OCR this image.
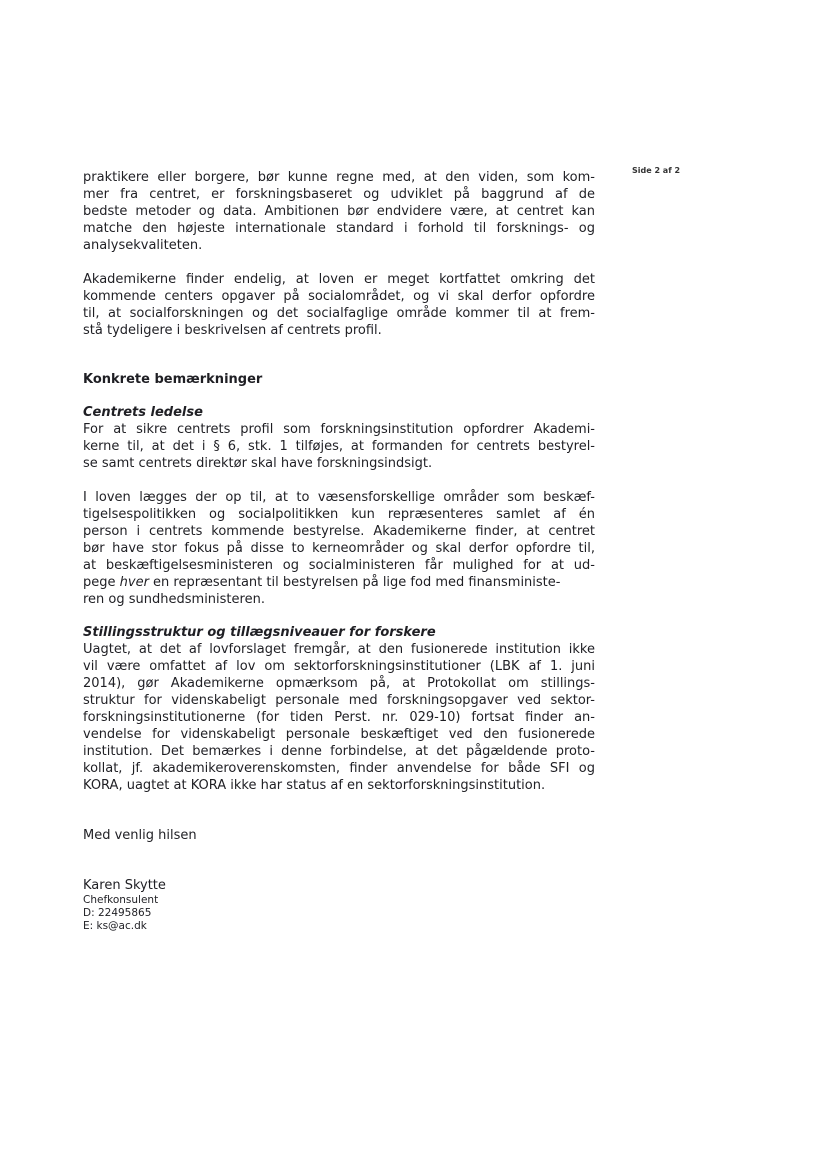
Side 2 af 2
praktikere eller borgere, bør kunne regne med, at den viden, som kom-
mer fra centret, er forskningsbaseret og udviklet på baggrund af de
bedste metoder og data. Ambitionen bør endvidere være, at centret kan
matche den højeste internationale standard i forhold til forsknings- og
analysekvaliteten.
Akademikerne finder endelig, at loven er meget kortfattet omkring det
kommende centers opgaver på socialområdet, og vi skal derfor opfordre
til, at socialforskningen og det socialfaglige område kommer til at frem-
stå tydeligere i beskrivelsen af centrets profil.
Konkrete bemærkninger
Centrets ledelse
For at sikre centrets profil som forskningsinstitution opfordrer Akademi-
kerne til, at det i § 6, stk. 1 tilføjes, at formanden for centrets bestyrel-
se samt centrets direktør skal have forskningsindsigt.
I loven lægges der op til, at to væsensforskellige områder som beskæf-
tigelsespolitikken og socialpolitikken kun repræsenteres samlet af én
person i centrets kommende bestyrelse. Akademikerne finder, at centret
bør have stor fokus på disse to kerneområder og skal derfor opfordre til,
at beskæftigelsesministeren og socialministeren får mulighed for at ud-
pege hver en repræsentant til bestyrelsen på lige fod med finansministe-
ren og sundhedsministeren.
Stillingsstruktur og tillægsniveauer for forskere
Uagtet, at det af lovforslaget fremgår, at den fusionerede institution ikke
vil være omfattet af lov om sektorforskningsinstitutioner (LBK af 1. juni
2014), gør Akademikerne opmærksom på, at Protokollat om stillings-
struktur for videnskabeligt personale med forskningsopgaver ved sektor-
forskningsinstitutionerne (for tiden Perst. nr. 029-10) fortsat finder an-
vendelse for videnskabeligt personale beskæftiget ved den fusionerede
institution. Det bemærkes i denne forbindelse, at det pågældende proto-
kollat, jf. akademikeroverenskomsten, finder anvendelse for både SFI og
KORA, uagtet at KORA ikke har status af en sektorforskningsinstitution.
Med venlig hilsen
Karen Skytte
Chefkonsulent
D: 22495865
E: ks@ac.dk
